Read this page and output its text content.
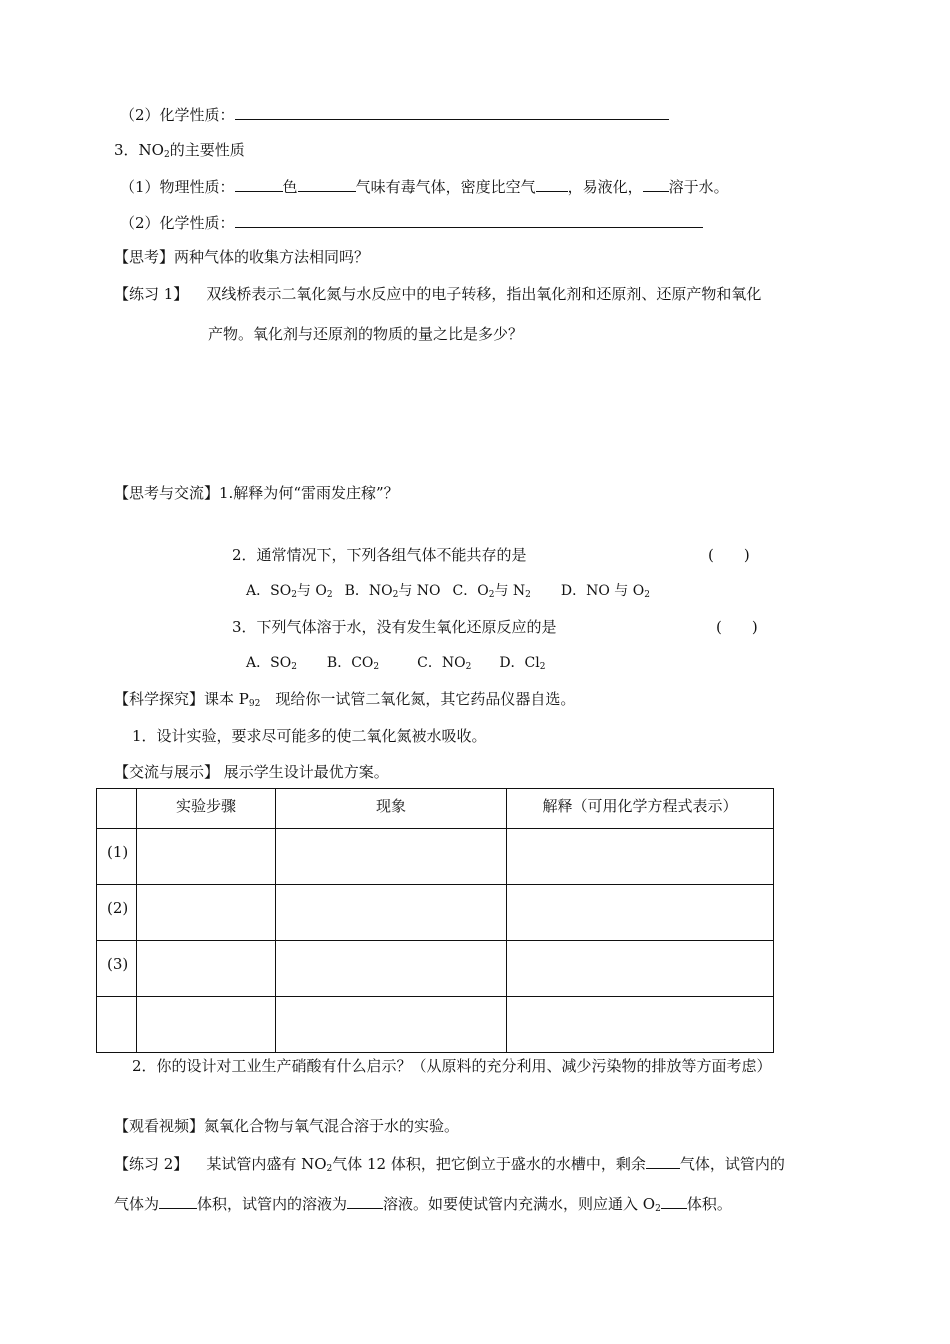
（2）化学性质：
3．$NO_2$的主要性质
（1）物理性质：	色	气味有毒气体，密度比空气 ，易液化， 溶于水。
（2）化学性质：
【思考】两种气体的收集方法相同吗？
【练习 1】 双线桥表示二氧化氮与水反应中的电子转移，指出氧化剂和还原剂、还原产物和氧化
产物。氧化剂与还原剂的物质的量之比是多少？
【思考与交流】1.解释为何“雷雨发庄稼”？
2．通常情况下，下列各组气体不能共存的是	(　　)
A．$SO_2$与 $O_2$ B．$NO_2$与 NO C．$O_2$与 $N_2$ D．NO 与 $O_2$
3．下列气体溶于水，没有发生氧化还原反应的是	(　　)
A．$SO_2$ B．$CO_2$	C．$NO_2$ D．$Cl_2$
【科学探究】课本 $P_{92}$　现给你一试管二氧化氮，其它药品仪器自选。
1．设计实验，要求尽可能多的使二氧化氮被水吸收。
【交流与展示】 展示学生设计最优方案。
	实验步骤	现象	解释（可用化学方程式表示）
(1)			
(2)			
(3)			

2．你的设计对工业生产硝酸有什么启示？（从原料的充分利用、减少污染物的排放等方面考虑）
【观看视频】氮氧化合物与氧气混合溶于水的实验。
【练习 2】 某试管内盛有 $NO_2$气体 12 体积，把它倒立于盛水的水槽中，剩余 气体，试管内的
气体为	体积，试管内的溶液为 溶液。如要使试管内充满水，则应通入 $O_2$ 体积。
